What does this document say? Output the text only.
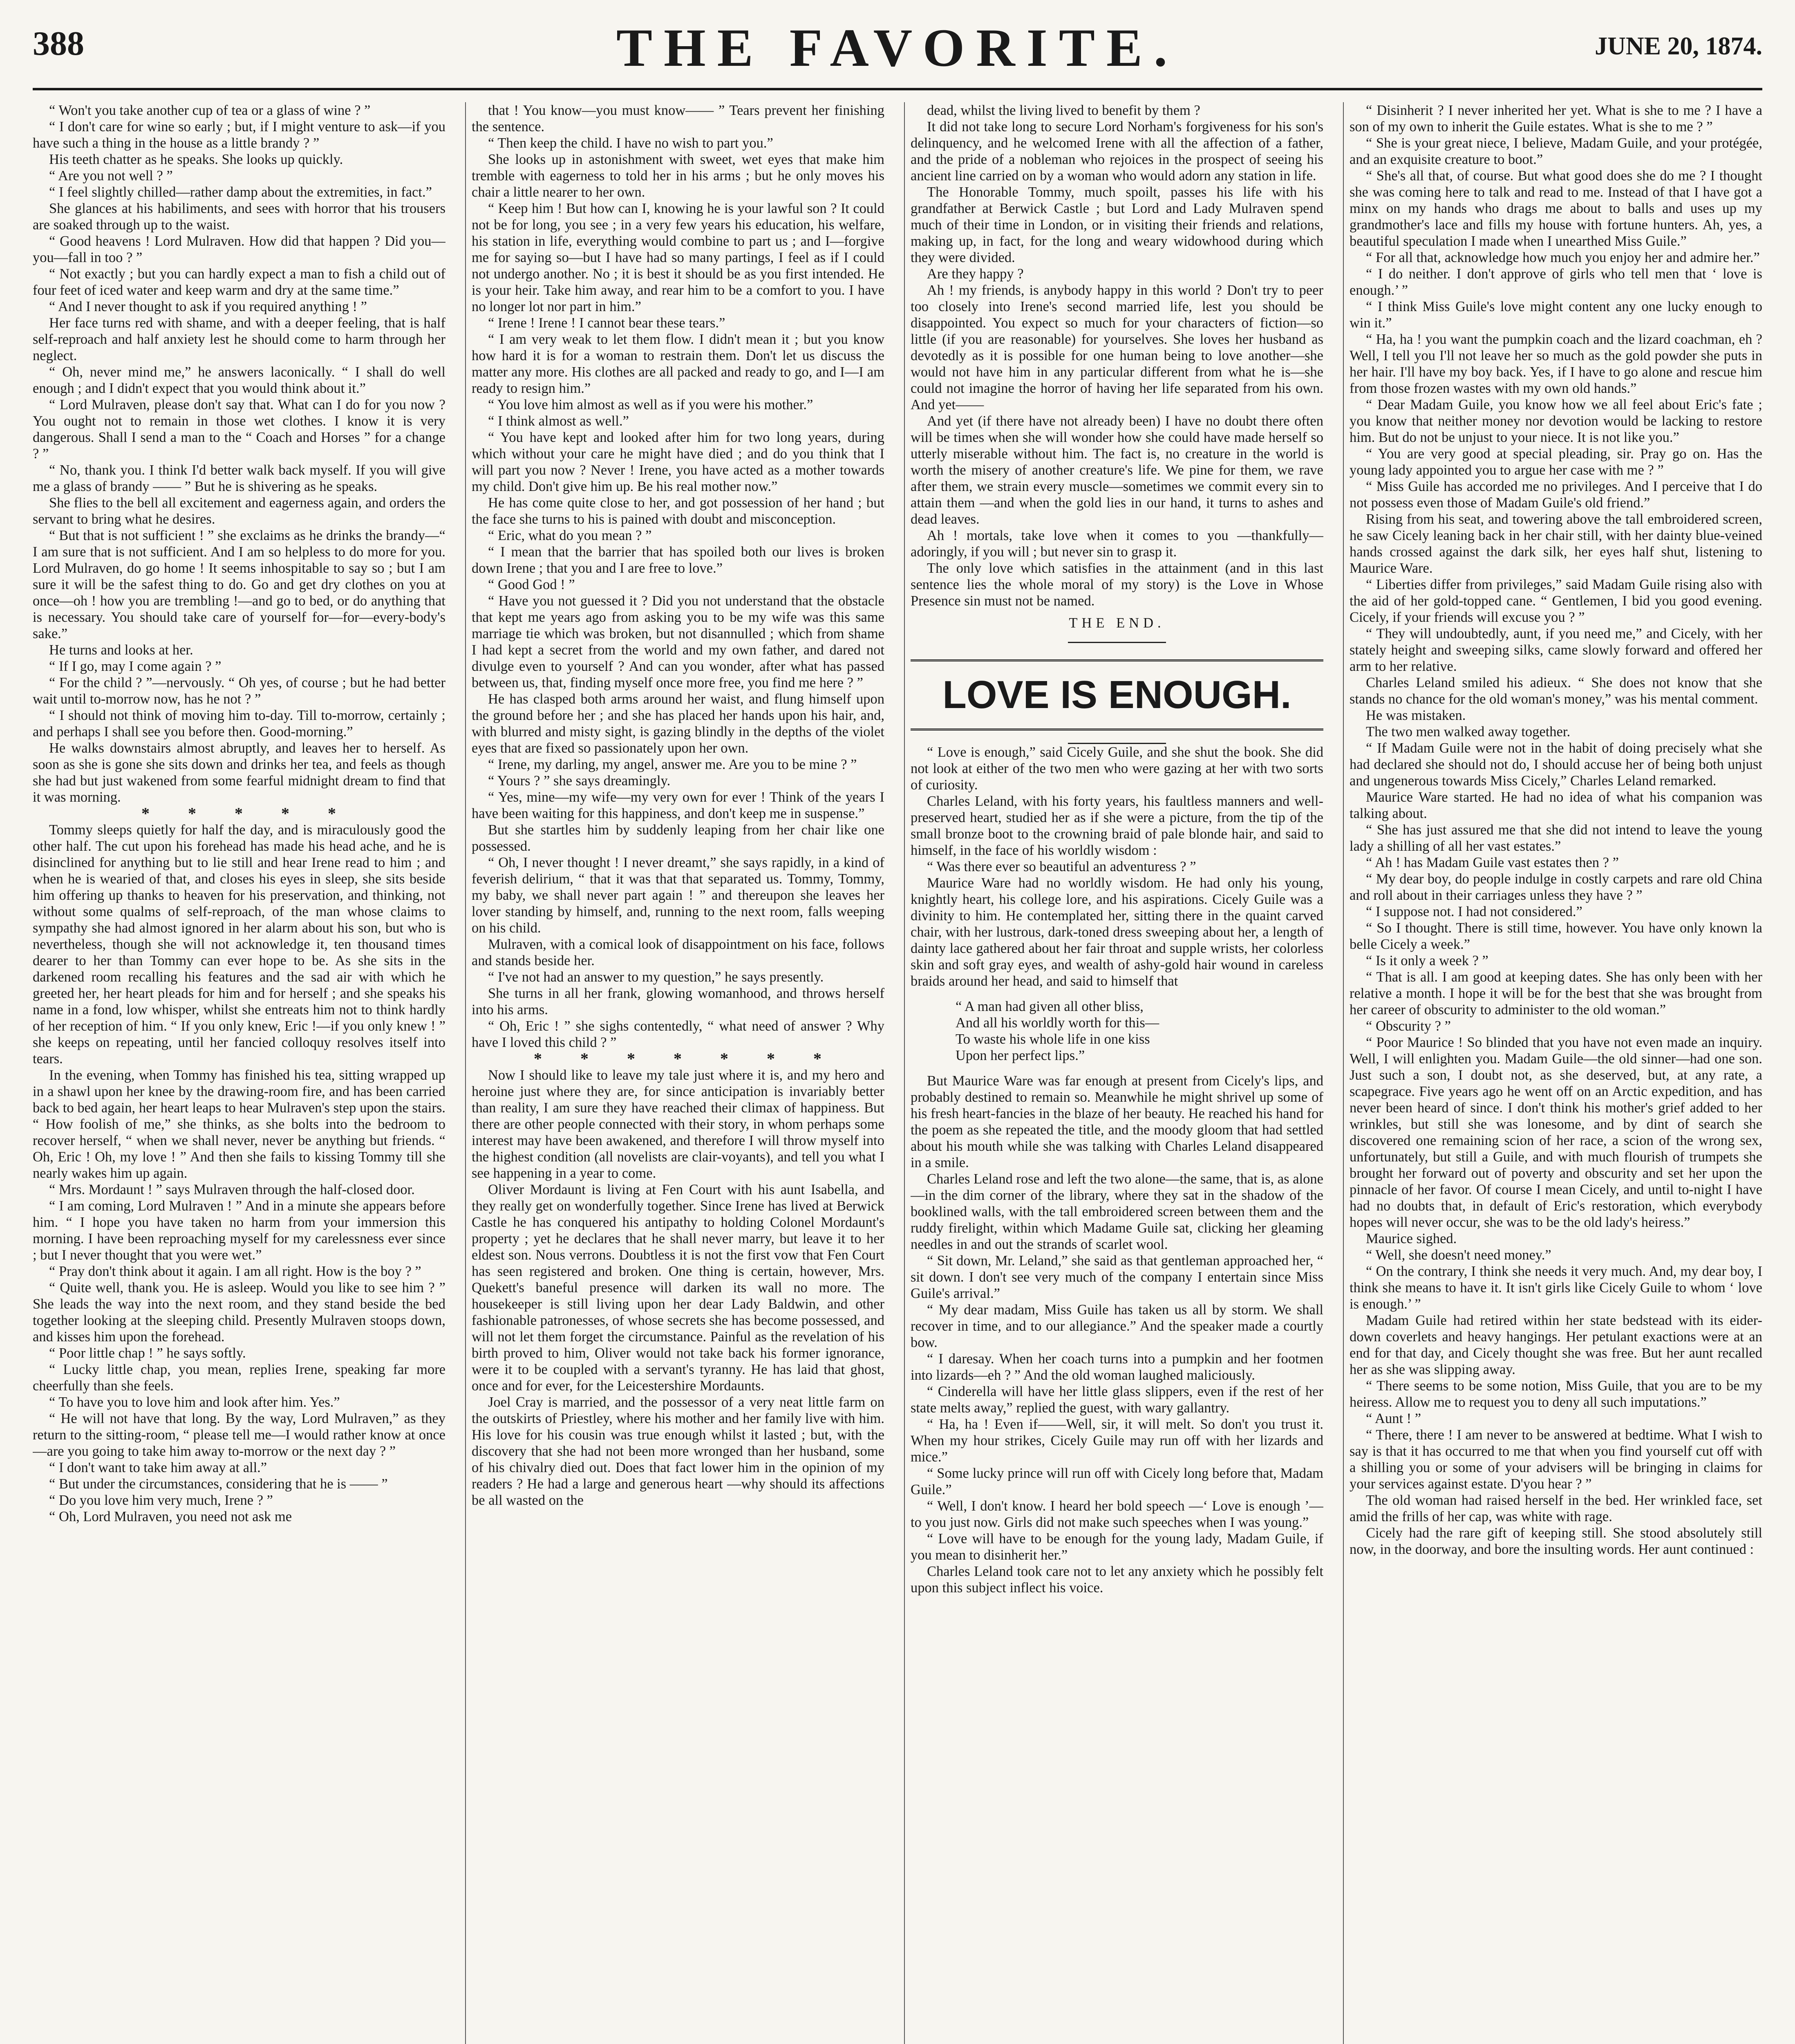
388	THE FAVORITE.	JUNE 20, 1874.

“ Won't you take another cup of tea or a glass of wine ? ”

“ I don't care for wine so early ; but, if I might venture to ask—if you have such a thing in the house as a little brandy ? ”

His teeth chatter as he speaks. She looks up quickly.

“ Are you not well ? ”

“ I feel slightly chilled—rather damp about the extremities, in fact.”

She glances at his habiliments, and sees with horror that his trousers are soaked through up to the waist.

“ Good heavens ! Lord Mulraven. How did that happen ? Did you—you—fall in too ? ”

“ Not exactly ; but you can hardly expect a man to fish a child out of four feet of iced water and keep warm and dry at the same time.”

“ And I never thought to ask if you required anything ! ”

Her face turns red with shame, and with a deeper feeling, that is half self-reproach and half anxiety lest he should come to harm through her neglect.

“ Oh, never mind me,” he answers laconically. “ I shall do well enough ; and I didn't expect that you would think about it.”

“ Lord Mulraven, please don't say that. What can I do for you now ? You ought not to remain in those wet clothes. I know it is very dangerous. Shall I send a man to the “ Coach and Horses ” for a change ? ”

“ No, thank you. I think I'd better walk back myself. If you will give me a glass of brandy —— ” But he is shivering as he speaks.

She flies to the bell all excitement and eagerness again, and orders the servant to bring what he desires.

“ But that is not sufficient ! ” she exclaims as he drinks the brandy—“ I am sure that is not sufficient. And I am so helpless to do more for you. Lord Mulraven, do go home ! It seems inhospitable to say so ; but I am sure it will be the safest thing to do. Go and get dry clothes on you at once—oh ! how you are trembling !—and go to bed, or do anything that is necessary. You should take care of yourself for—for—every-body's sake.”

He turns and looks at her.

“ If I go, may I come again ? ”

“ For the child ? ”—nervously. “ Oh yes, of course ; but he had better wait until to-morrow now, has he not ? ”

“ I should not think of moving him to-day. Till to-morrow, certainly ; and perhaps I shall see you before then. Good-morning.”

He walks downstairs almost abruptly, and leaves her to herself. As soon as she is gone she sits down and drinks her tea, and feels as though she had but just wakened from some fearful midnight dream to find that it was morning.

* * * * *

Tommy sleeps quietly for half the day, and is miraculously good the other half. The cut upon his forehead has made his head ache, and he is disinclined for anything but to lie still and hear Irene read to him ; and when he is wearied of that, and closes his eyes in sleep, she sits beside him offering up thanks to heaven for his preservation, and thinking, not without some qualms of self-reproach, of the man whose claims to sympathy she had almost ignored in her alarm about his son, but who is nevertheless, though she will not acknowledge it, ten thousand times dearer to her than Tommy can ever hope to be. As she sits in the darkened room recalling his features and the sad air with which he greeted her, her heart pleads for him and for herself ; and she speaks his name in a fond, low whisper, whilst she entreats him not to think hardly of her reception of him. “ If you only knew, Eric !—if you only knew ! ” she keeps on repeating, until her fancied colloquy resolves itself into tears.

In the evening, when Tommy has finished his tea, sitting wrapped up in a shawl upon her knee by the drawing-room fire, and has been carried back to bed again, her heart leaps to hear Mulraven's step upon the stairs. “ How foolish of me,” she thinks, as she bolts into the bedroom to recover herself, “ when we shall never, never be anything but friends. “ Oh, Eric ! Oh, my love ! ” And then she fails to kissing Tommy till she nearly wakes him up again.

“ Mrs. Mordaunt ! ” says Mulraven through the half-closed door.

“ I am coming, Lord Mulraven ! ” And in a minute she appears before him. “ I hope you have taken no harm from your immersion this morning. I have been reproaching myself for my carelessness ever since ; but I never thought that you were wet.”

“ Pray don't think about it again. I am all right. How is the boy ? ”

“ Quite well, thank you. He is asleep. Would you like to see him ? ” She leads the way into the next room, and they stand beside the bed together looking at the sleeping child. Presently Mulraven stoops down, and kisses him upon the forehead.

“ Poor little chap ! ” he says softly.

“ Lucky little chap, you mean, replies Irene, speaking far more cheerfully than she feels.

“ To have you to love him and look after him. Yes.”

“ He will not have that long. By the way, Lord Mulraven,” as they return to the sitting-room, “ please tell me—I would rather know at once—are you going to take him away to-morrow or the next day ? ”

“ I don't want to take him away at all.”

“ But under the circumstances, considering that he is —— ”

“ Do you love him very much, Irene ? ”

“ Oh, Lord Mulraven, you need not ask me

that ! You know—you must know—— ” Tears prevent her finishing the sentence.

“ Then keep the child. I have no wish to part you.”

She looks up in astonishment with sweet, wet eyes that make him tremble with eagerness to told her in his arms ; but he only moves his chair a little nearer to her own.

“ Keep him ! But how can I, knowing he is your lawful son ? It could not be for long, you see ; in a very few years his education, his welfare, his station in life, everything would combine to part us ; and I—forgive me for saying so—but I have had so many partings, I feel as if I could not undergo another. No ; it is best it should be as you first intended. He is your heir. Take him away, and rear him to be a comfort to you. I have no longer lot nor part in him.”

“ Irene ! Irene ! I cannot bear these tears.”

“ I am very weak to let them flow. I didn't mean it ; but you know how hard it is for a woman to restrain them. Don't let us discuss the matter any more. His clothes are all packed and ready to go, and I—I am ready to resign him.”

“ You love him almost as well as if you were his mother.”

“ I think almost as well.”

“ You have kept and looked after him for two long years, during which without your care he might have died ; and do you think that I will part you now ? Never ! Irene, you have acted as a mother towards my child. Don't give him up. Be his real mother now.”

He has come quite close to her, and got possession of her hand ; but the face she turns to his is pained with doubt and misconception.

“ Eric, what do you mean ? ”

“ I mean that the barrier that has spoiled both our lives is broken down Irene ; that you and I are free to love.”

“ Good God ! ”

“ Have you not guessed it ? Did you not understand that the obstacle that kept me years ago from asking you to be my wife was this same marriage tie which was broken, but not disannulled ; which from shame I had kept a secret from the world and my own father, and dared not divulge even to yourself ? And can you wonder, after what has passed between us, that, finding myself once more free, you find me here ? ”

He has clasped both arms around her waist, and flung himself upon the ground before her ; and she has placed her hands upon his hair, and, with blurred and misty sight, is gazing blindly in the depths of the violet eyes that are fixed so passionately upon her own.

“ Irene, my darling, my angel, answer me. Are you to be mine ? ”

“ Yours ? ” she says dreamingly.

“ Yes, mine—my wife—my very own for ever ! Think of the years I have been waiting for this happiness, and don't keep me in suspense.”

But she startles him by suddenly leaping from her chair like one possessed.

“ Oh, I never thought ! I never dreamt,” she says rapidly, in a kind of feverish delirium, “ that it was that that separated us. Tommy, Tommy, my baby, we shall never part again ! ” and thereupon she leaves her lover standing by himself, and, running to the next room, falls weeping on his child.

Mulraven, with a comical look of disappointment on his face, follows and stands beside her.

“ I've not had an answer to my question,” he says presently.

She turns in all her frank, glowing womanhood, and throws herself into his arms.

“ Oh, Eric ! ” she sighs contentedly, “ what need of answer ? Why have I loved this child ? ”

* * * * * * *

Now I should like to leave my tale just where it is, and my hero and heroine just where they are, for since anticipation is invariably better than reality, I am sure they have reached their climax of happiness. But there are other people connected with their story, in whom perhaps some interest may have been awakened, and therefore I will throw myself into the highest condition (all novelists are clair-voyants), and tell you what I see happening in a year to come.

Oliver Mordaunt is living at Fen Court with his aunt Isabella, and they really get on wonderfully together. Since Irene has lived at Berwick Castle he has conquered his antipathy to holding Colonel Mordaunt's property ; yet he declares that he shall never marry, but leave it to her eldest son. Nous verrons. Doubtless it is not the first vow that Fen Court has seen registered and broken. One thing is certain, however, Mrs. Quekett's baneful presence will darken its wall no more. The housekeeper is still living upon her dear Lady Baldwin, and other fashionable patronesses, of whose secrets she has become possessed, and will not let them forget the circumstance. Painful as the revelation of his birth proved to him, Oliver would not take back his former ignorance, were it to be coupled with a servant's tyranny. He has laid that ghost, once and for ever, for the Leicestershire Mordaunts.

Joel Cray is married, and the possessor of a very neat little farm on the outskirts of Priestley, where his mother and her family live with him. His love for his cousin was true enough whilst it lasted ; but, with the discovery that she had not been more wronged than her husband, some of his chivalry died out. Does that fact lower him in the opinion of my readers ? He had a large and generous heart —why should its affections be all wasted on the

dead, whilst the living lived to benefit by them ?

It did not take long to secure Lord Norham's forgiveness for his son's delinquency, and he welcomed Irene with all the affection of a father, and the pride of a nobleman who rejoices in the prospect of seeing his ancient line carried on by a woman who would adorn any station in life.

The Honorable Tommy, much spoilt, passes his life with his grandfather at Berwick Castle ; but Lord and Lady Mulraven spend much of their time in London, or in visiting their friends and relations, making up, in fact, for the long and weary widowhood during which they were divided.

Are they happy ?

Ah ! my friends, is anybody happy in this world ? Don't try to peer too closely into Irene's second married life, lest you should be disappointed. You expect so much for your characters of fiction—so little (if you are reasonable) for yourselves. She loves her husband as devotedly as it is possible for one human being to love another—she would not have him in any particular different from what he is—she could not imagine the horror of having her life separated from his own. And yet——

And yet (if there have not already been) I have no doubt there often will be times when she will wonder how she could have made herself so utterly miserable without him. The fact is, no creature in the world is worth the misery of another creature's life. We pine for them, we rave after them, we strain every muscle—sometimes we commit every sin to attain them —and when the gold lies in our hand, it turns to ashes and dead leaves.

Ah ! mortals, take love when it comes to you —thankfully—adoringly, if you will ; but never sin to grasp it.

The only love which satisfies in the attainment (and in this last sentence lies the whole moral of my story) is the Love in Whose Presence sin must not be named.

THE END.
LOVE IS ENOUGH.

“ Love is enough,” said Cicely Guile, and she shut the book. She did not look at either of the two men who were gazing at her with two sorts of curiosity.

Charles Leland, with his forty years, his faultless manners and well-preserved heart, studied her as if she were a picture, from the tip of the small bronze boot to the crowning braid of pale blonde hair, and said to himself, in the face of his worldly wisdom :

“ Was there ever so beautiful an adventuress ? ”

Maurice Ware had no worldly wisdom. He had only his young, knightly heart, his college lore, and his aspirations. Cicely Guile was a divinity to him. He contemplated her, sitting there in the quaint carved chair, with her lustrous, dark-toned dress sweeping about her, a length of dainty lace gathered about her fair throat and supple wrists, her colorless skin and soft gray eyes, and wealth of ashy-gold hair wound in careless braids around her head, and said to himself that

“ A man had given all other bliss,
And all his worldly worth for this—
To waste his whole life in one kiss
Upon her perfect lips.”

But Maurice Ware was far enough at present from Cicely's lips, and probably destined to remain so. Meanwhile he might shrivel up some of his fresh heart-fancies in the blaze of her beauty. He reached his hand for the poem as she repeated the title, and the moody gloom that had settled about his mouth while she was talking with Charles Leland disappeared in a smile.

Charles Leland rose and left the two alone—the same, that is, as alone—in the dim corner of the library, where they sat in the shadow of the booklined walls, with the tall embroidered screen between them and the ruddy firelight, within which Madame Guile sat, clicking her gleaming needles in and out the strands of scarlet wool.

“ Sit down, Mr. Leland,” she said as that gentleman approached her, “ sit down. I don't see very much of the company I entertain since Miss Guile's arrival.”

“ My dear madam, Miss Guile has taken us all by storm. We shall recover in time, and to our allegiance.” And the speaker made a courtly bow.

“ I daresay. When her coach turns into a pumpkin and her footmen into lizards—eh ? ” And the old woman laughed maliciously.

“ Cinderella will have her little glass slippers, even if the rest of her state melts away,” replied the guest, with wary gallantry.

“ Ha, ha ! Even if——Well, sir, it will melt. So don't you trust it. When my hour strikes, Cicely Guile may run off with her lizards and mice.”

“ Some lucky prince will run off with Cicely long before that, Madam Guile.”

“ Well, I don't know. I heard her bold speech —‘ Love is enough ’—to you just now. Girls did not make such speeches when I was young.”

“ Love will have to be enough for the young lady, Madam Guile, if you mean to disinherit her.”

Charles Leland took care not to let any anxiety which he possibly felt upon this subject inflect his voice.

“ Disinherit ? I never inherited her yet. What is she to me ? I have a son of my own to inherit the Guile estates. What is she to me ? ”

“ She is your great niece, I believe, Madam Guile, and your protégée, and an exquisite creature to boot.”

“ She's all that, of course. But what good does she do me ? I thought she was coming here to talk and read to me. Instead of that I have got a minx on my hands who drags me about to balls and uses up my grandmother's lace and fills my house with fortune hunters. Ah, yes, a beautiful speculation I made when I unearthed Miss Guile.”

“ For all that, acknowledge how much you enjoy her and admire her.”

“ I do neither. I don't approve of girls who tell men that ‘ love is enough.’ ”

“ I think Miss Guile's love might content any one lucky enough to win it.”

“ Ha, ha ! you want the pumpkin coach and the lizard coachman, eh ? Well, I tell you I'll not leave her so much as the gold powder she puts in her hair. I'll have my boy back. Yes, if I have to go alone and rescue him from those frozen wastes with my own old hands.”

“ Dear Madam Guile, you know how we all feel about Eric's fate ; you know that neither money nor devotion would be lacking to restore him. But do not be unjust to your niece. It is not like you.”

“ You are very good at special pleading, sir. Pray go on. Has the young lady appointed you to argue her case with me ? ”

“ Miss Guile has accorded me no privileges. And I perceive that I do not possess even those of Madam Guile's old friend.”

Rising from his seat, and towering above the tall embroidered screen, he saw Cicely leaning back in her chair still, with her dainty blue-veined hands crossed against the dark silk, her eyes half shut, listening to Maurice Ware.

“ Liberties differ from privileges,” said Madam Guile rising also with the aid of her gold-topped cane. “ Gentlemen, I bid you good evening. Cicely, if your friends will excuse you ? ”

“ They will undoubtedly, aunt, if you need me,” and Cicely, with her stately height and sweeping silks, came slowly forward and offered her arm to her relative.

Charles Leland smiled his adieux. “ She does not know that she stands no chance for the old woman's money,” was his mental comment.

He was mistaken.

The two men walked away together.

“ If Madam Guile were not in the habit of doing precisely what she had declared she should not do, I should accuse her of being both unjust and ungenerous towards Miss Cicely,” Charles Leland remarked.

Maurice Ware started. He had no idea of what his companion was talking about.

“ She has just assured me that she did not intend to leave the young lady a shilling of all her vast estates.”

“ Ah ! has Madam Guile vast estates then ? ”

“ My dear boy, do people indulge in costly carpets and rare old China and roll about in their carriages unless they have ? ”

“ I suppose not. I had not considered.”

“ So I thought. There is still time, however. You have only known la belle Cicely a week.”

“ Is it only a week ? ”

“ That is all. I am good at keeping dates. She has only been with her relative a month. I hope it will be for the best that she was brought from her career of obscurity to administer to the old woman.”

“ Obscurity ? ”

“ Poor Maurice ! So blinded that you have not even made an inquiry. Well, I will enlighten you. Madam Guile—the old sinner—had one son. Just such a son, I doubt not, as she deserved, but, at any rate, a scapegrace. Five years ago he went off on an Arctic expedition, and has never been heard of since. I don't think his mother's grief added to her wrinkles, but still she was lonesome, and by dint of search she discovered one remaining scion of her race, a scion of the wrong sex, unfortunately, but still a Guile, and with much flourish of trumpets she brought her forward out of poverty and obscurity and set her upon the pinnacle of her favor. Of course I mean Cicely, and until to-night I have had no doubts that, in default of Eric's restoration, which everybody hopes will never occur, she was to be the old lady's heiress.”

Maurice sighed.

“ Well, she doesn't need money.”

“ On the contrary, I think she needs it very much. And, my dear boy, I think she means to have it. It isn't girls like Cicely Guile to whom ‘ love is enough.’ ”

Madam Guile had retired within her state bedstead with its eider-down coverlets and heavy hangings. Her petulant exactions were at an end for that day, and Cicely thought she was free. But her aunt recalled her as she was slipping away.

“ There seems to be some notion, Miss Guile, that you are to be my heiress. Allow me to request you to deny all such imputations.”

“ Aunt ! ”

“ There, there ! I am never to be answered at bedtime. What I wish to say is that it has occurred to me that when you find yourself cut off with a shilling you or some of your advisers will be bringing in claims for your services against estate. D'you hear ? ”

The old woman had raised herself in the bed. Her wrinkled face, set amid the frills of her cap, was white with rage.

Cicely had the rare gift of keeping still. She stood absolutely still now, in the doorway, and bore the insulting words. Her aunt continued :
